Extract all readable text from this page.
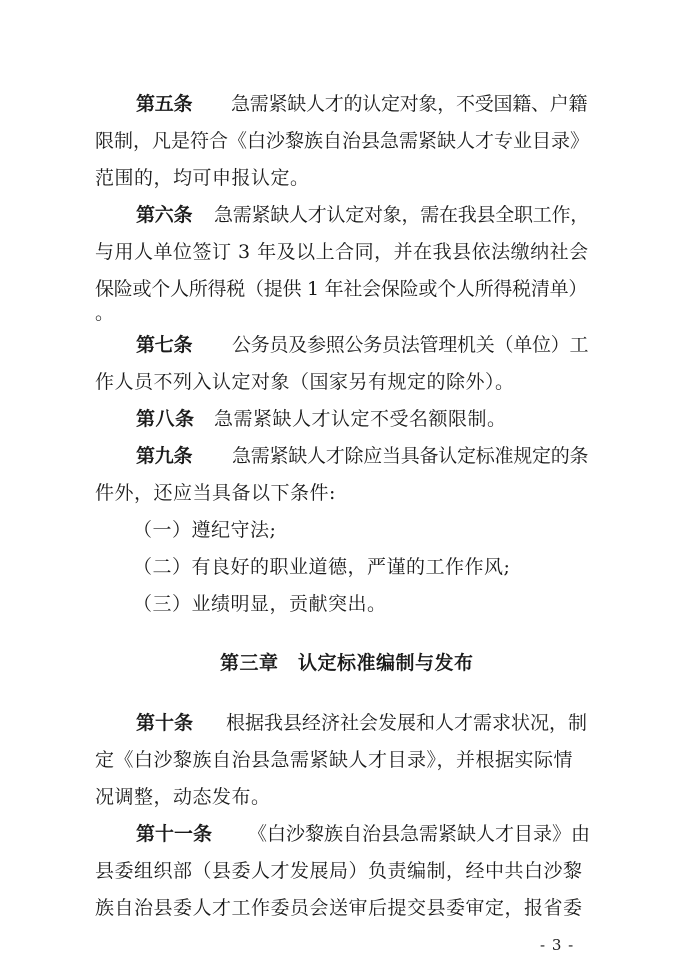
第五条 急需紧缺人才的认定对象，不受国籍、户籍
限制，凡是符合《白沙黎族自治县急需紧缺人才专业目录》
范围的，均可申报认定。
第六条 急需紧缺人才认定对象，需在我县全职工作，
与用人单位签订 3 年及以上合同，并在我县依法缴纳社会
保险或个人所得税（提供 1 年社会保险或个人所得税清单）
。
第七条 公务员及参照公务员法管理机关（单位）工
作人员不列入认定对象（国家另有规定的除外）。
第八条 急需紧缺人才认定不受名额限制。
第九条 急需紧缺人才除应当具备认定标准规定的条
件外，还应当具备以下条件:
（一）遵纪守法;
（二）有良好的职业道德，严谨的工作作风;
（三）业绩明显，贡献突出。
第三章　认定标准编制与发布
第十条 根据我县经济社会发展和人才需求状况，制
定《白沙黎族自治县急需紧缺人才目录》，并根据实际情
况调整，动态发布。
第十一条 《白沙黎族自治县急需紧缺人才目录》由
县委组织部（县委人才发展局）负责编制，经中共白沙黎
族自治县委人才工作委员会送审后提交县委审定，报省委
- 3 -
